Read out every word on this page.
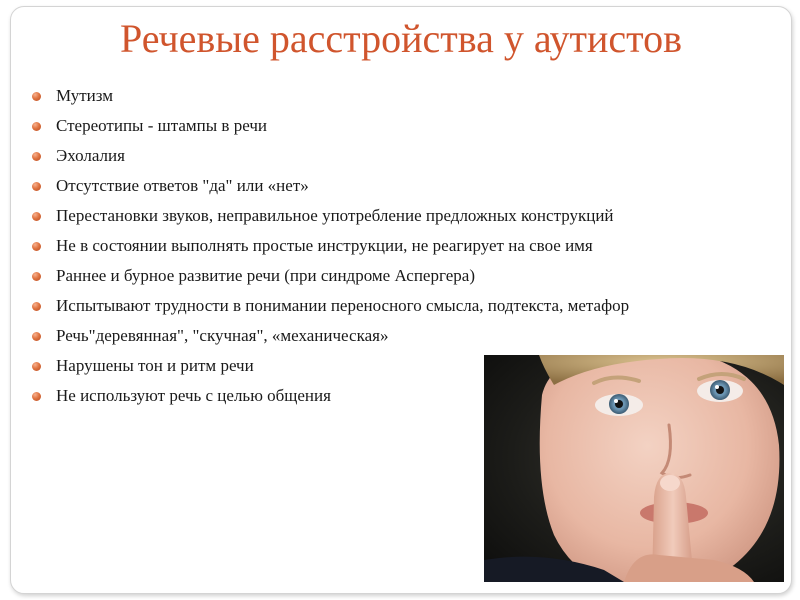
Речевые расстройства у аутистов
Мутизм
Стереотипы - штампы в речи
Эхолалия
Отсутствие ответов "да" или «нет»
Перестановки звуков, неправильное употребление предложных конструкций
Не в состоянии выполнять простые инструкции, не реагирует на свое имя
Раннее и бурное развитие речи (при синдроме Аспергера)
Испытывают трудности в понимании переносного смысла, подтекста, метафор
Речь"деревянная", "скучная", «механическая»
Нарушены тон и ритм речи
Не используют речь с целью общения
